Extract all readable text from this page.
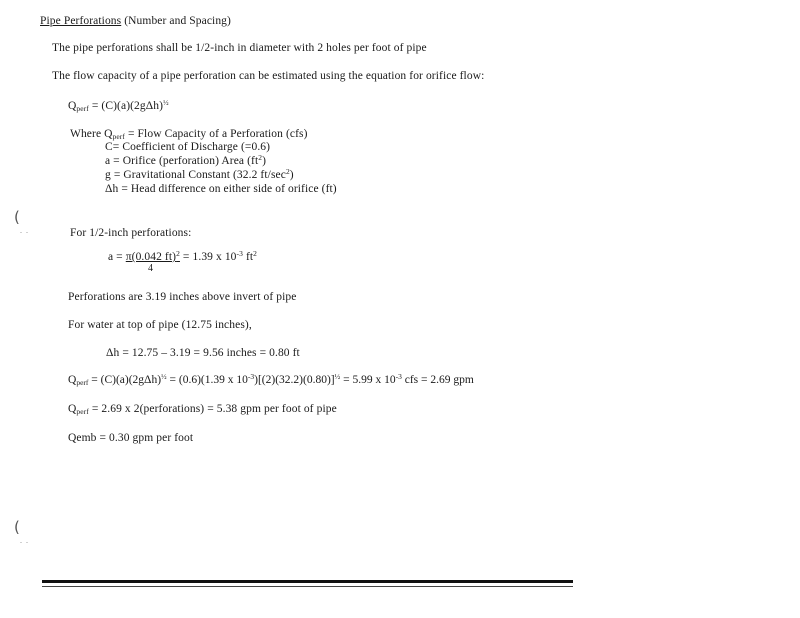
Pipe Perforations (Number and Spacing)
The pipe perforations shall be 1/2-inch in diameter with 2 holes per foot of pipe
The flow capacity of a pipe perforation can be estimated using the equation for orifice flow:
$Q_{perf} = (C)(a)(2g\Delta h)^{\frac{1}{2}}$
Where $Q_{perf}$ = Flow Capacity of a Perforation (cfs)
C= Coefficient of Discharge (=0.6)
a = Orifice (perforation) Area $(ft^2)$
g = Gravitational Constant (32.2 $ft/\sec^2$)
Δh = Head difference on either side of orifice (ft)
(
. .	For 1/2-inch perforations:
a = π(0.042 ft)$^2$ = 1.39 x $10^{-3}$ $ft^2$
4
Perforations are 3.19 inches above invert of pipe
For water at top of pipe (12.75 inches),
Δh = 12.75 – 3.19 = 9.56 inches = 0.80 ft
$Q_{perf} = (C)(a)(2g\Delta h)^{\frac{1}{2}} = (0.6)(1.39$ x $10^{-3})[(2)(32.2)(0.80)]^{\frac{1}{2}} = 5.99$ x $10^{-3}$ cfs = 2.69 gpm
$Q_{perf} = 2.69$ x 2(perforations) = 5.38 gpm per foot of pipe
Qemb = 0.30 gpm per foot
(
. .
